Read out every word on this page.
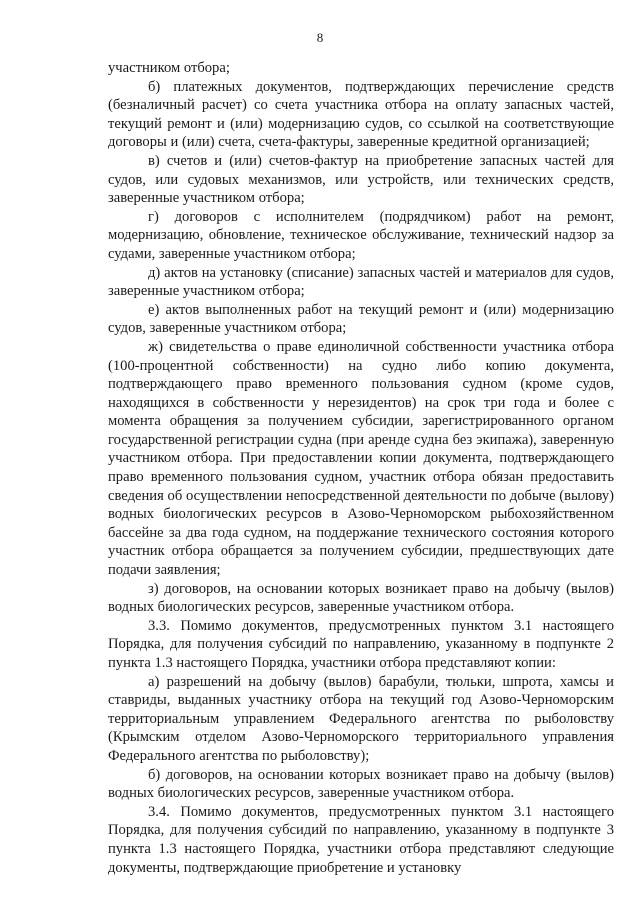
8

участником отбора;

б) платежных документов, подтверждающих перечисление средств (безналичный расчет) со счета участника отбора на оплату запасных частей, текущий ремонт и (или) модернизацию судов, со ссылкой на соответствующие договоры и (или) счета, счета-фактуры, заверенные кредитной организацией;

в) счетов и (или) счетов-фактур на приобретение запасных частей для судов, или судовых механизмов, или устройств, или технических средств, заверенные участником отбора;

г) договоров с исполнителем (подрядчиком) работ на ремонт, модернизацию, обновление, техническое обслуживание, технический надзор за судами, заверенные участником отбора;

д) актов на установку (списание) запасных частей и материалов для судов, заверенные участником отбора;

е) актов выполненных работ на текущий ремонт и (или) модернизацию судов, заверенные участником отбора;

ж) свидетельства о праве единоличной собственности участника отбора (100-процентной собственности) на судно либо копию документа, подтверждающего право временного пользования судном (кроме судов, находящихся в собственности у нерезидентов) на срок три года и более с момента обращения за получением субсидии, зарегистрированного органом государственной регистрации судна (при аренде судна без экипажа), заверенную участником отбора. При предоставлении копии документа, подтверждающего право временного пользования судном, участник отбора обязан предоставить сведения об осуществлении непосредственной деятельности по добыче (вылову) водных биологических ресурсов в Азово-Черноморском рыбохозяйственном бассейне за два года судном, на поддержание технического состояния которого участник отбора обращается за получением субсидии, предшествующих дате подачи заявления;

з) договоров, на основании которых возникает право на добычу (вылов) водных биологических ресурсов, заверенные участником отбора.

3.3. Помимо документов, предусмотренных пунктом 3.1 настоящего Порядка, для получения субсидий по направлению, указанному в подпункте 2 пункта 1.3 настоящего Порядка, участники отбора представляют копии:

а) разрешений на добычу (вылов) барабули, тюльки, шпрота, хамсы и ставриды, выданных участнику отбора на текущий год Азово-Черноморским территориальным управлением Федерального агентства по рыболовству (Крымским отделом Азово-Черноморского территориального управления Федерального агентства по рыболовству);

б) договоров, на основании которых возникает право на добычу (вылов) водных биологических ресурсов, заверенные участником отбора.

3.4. Помимо документов, предусмотренных пунктом 3.1 настоящего Порядка, для получения субсидий по направлению, указанному в подпункте 3 пункта 1.3 настоящего Порядка, участники отбора представляют следующие документы, подтверждающие приобретение и установку
